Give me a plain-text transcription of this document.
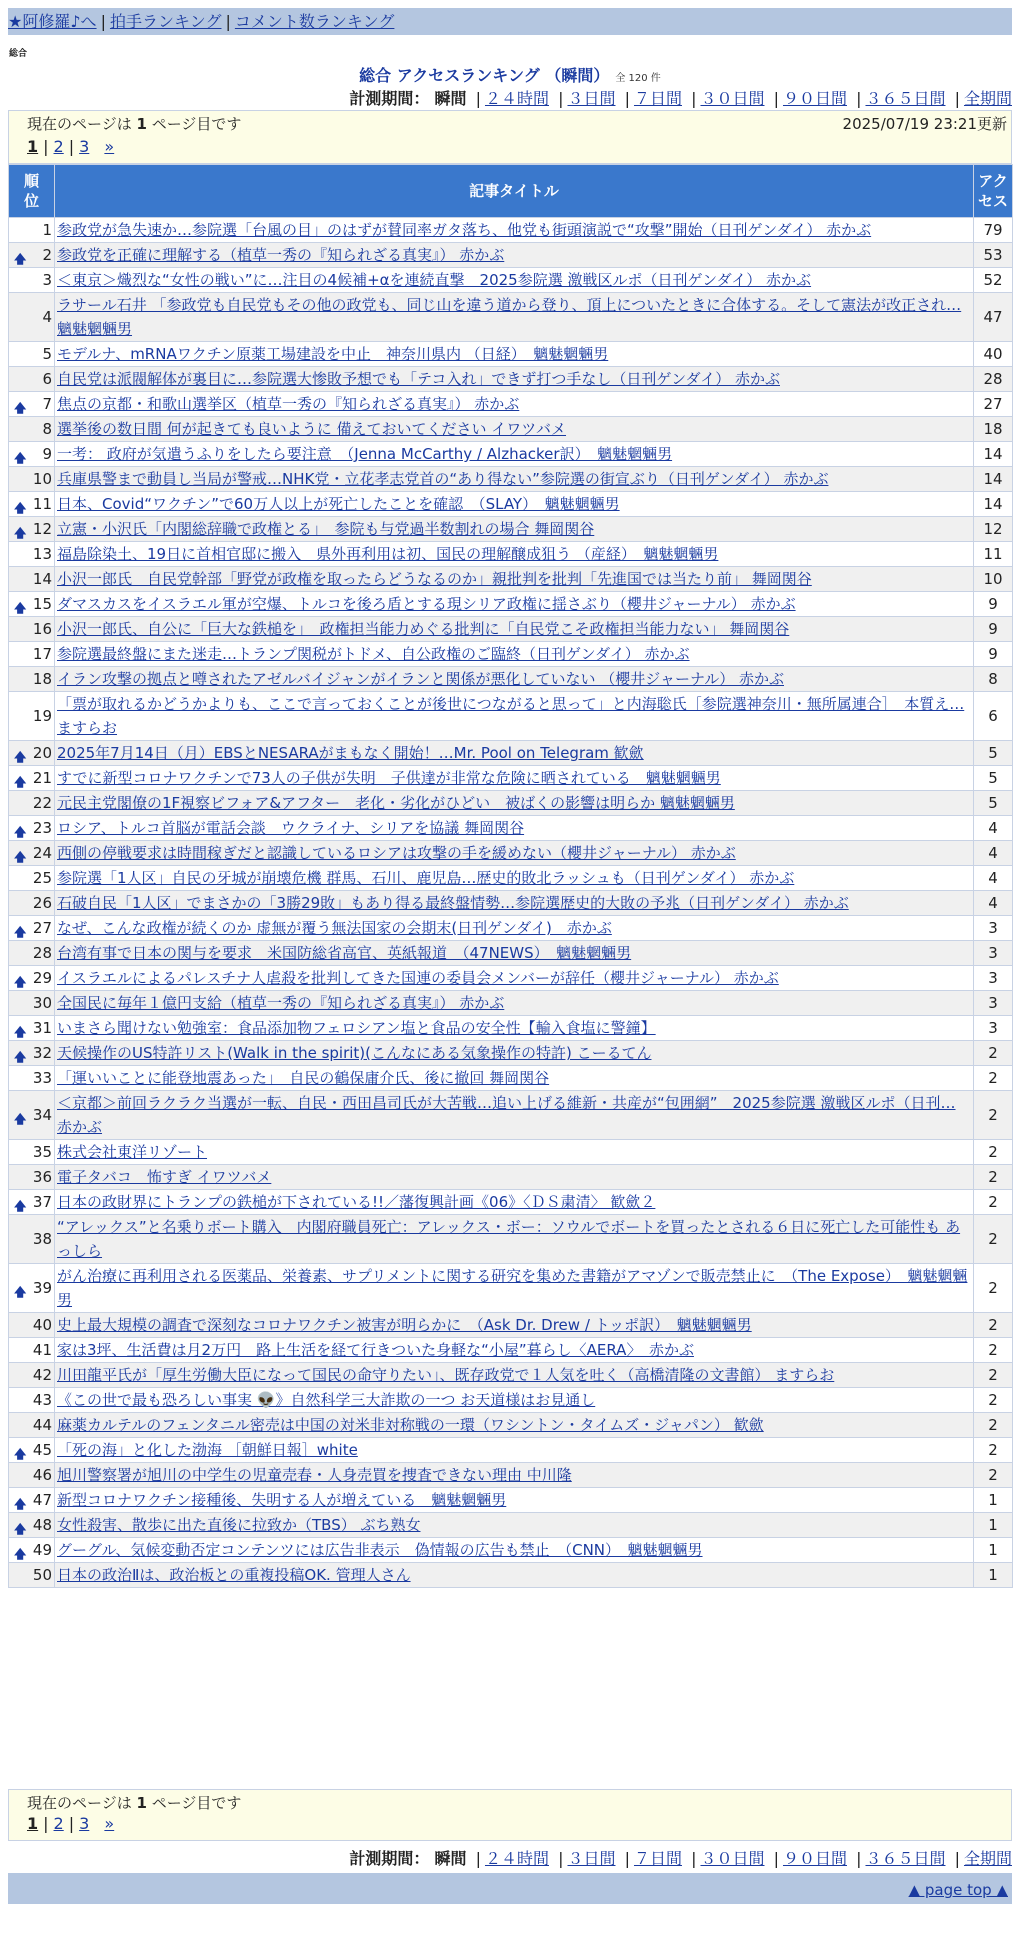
★阿修羅♪へ | 拍手ランキング | コメント数ランキング
総合
総合 アクセスランキング （瞬間） 全 120 件
計測期間： 瞬間 | ２４時間 | ３日間 | ７日間 | ３０日間 | ９０日間 | ３６５日間 | 全期間
現在のページは 1 ページ目です	2025/07/19 23:21更新
1 | 2 | 3 »
順位	記事タイトル	アクセス
1	参政党が急失速か…参院選「台風の目」のはずが賛同率ガタ落ち、他党も街頭演説で“攻撃”開始（日刊ゲンダイ） 赤かぶ	79

🡅 2	参政党を正確に理解する（植草一秀の『知られざる真実』） 赤かぶ	53
3	＜東京＞熾烈な“女性の戦い”に…注目の4候補+αを連続直撃　2025参院選 激戦区ルポ（日刊ゲンダイ） 赤かぶ	52
4	ラサール石井 「参政党も自民党もその他の政党も、同じ山を違う道から登り、頂上についたときに合体する。そして憲法が改正され… 魑魅魍魎男	47
5	モデルナ、mRNAワクチン原薬工場建設を中止　神奈川県内 （日経）　魑魅魍魎男	40
6	自民党は派閥解体が裏目に…参院選大惨敗予想でも「テコ入れ」できず打つ手なし（日刊ゲンダイ） 赤かぶ	28

🡅 7	焦点の京都・和歌山選挙区（植草一秀の『知られざる真実』） 赤かぶ	27
8	選挙後の数日間 何が起きても良いように 備えておいてください イワツバメ	18

🡅 9	一考： 政府が気遣うふりをしたら要注意　（Jenna McCarthy / Alzhacker訳）　魑魅魍魎男	14
10	兵庫県警まで動員し当局が警戒…NHK党・立花孝志党首の“あり得ない”参院選の街宣ぶり（日刊ゲンダイ） 赤かぶ	14

🡅 11	日本、Covid“ワクチン”で60万人以上が死亡したことを確認　（SLAY）　魑魅魍魎男	14

🡅 12	立憲・小沢氏「内閣総辞職で政権とる」　参院も与党過半数割れの場合 舞岡関谷	12
13	福島除染土、19日に首相官邸に搬入　県外再利用は初、国民の理解醸成狙う （産経）　魑魅魍魎男	11
14	小沢一郎氏　自民党幹部「野党が政権を取ったらどうなるのか」親批判を批判「先進国では当たり前」 舞岡関谷	10

🡅 15	ダマスカスをイスラエル軍が空爆、トルコを後ろ盾とする現シリア政権に揺さぶり（櫻井ジャーナル） 赤かぶ	9
16	小沢一郎氏、自公に「巨大な鉄槌を」　政権担当能力めぐる批判に「自民党こそ政権担当能力ない」 舞岡関谷	9
17	参院選最終盤にまた迷走…トランプ関税がトドメ、自公政権のご臨終（日刊ゲンダイ） 赤かぶ	9
18	イラン攻撃の拠点と噂されたアゼルバイジャンがイランと関係が悪化していない （櫻井ジャーナル） 赤かぶ	8
19	「票が取れるかどうかよりも、ここで言っておくことが後世につながると思って」と内海聡氏［参院選神奈川・無所属連合］　本質え… ますらお	6

🡅 20	2025年7月14日（月）EBSとNESARAがまもなく開始！…Mr. Pool on Telegram 歓歛	5

🡅 21	すでに新型コロナワクチンで73人の子供が失明　子供達が非常な危険に晒されている　魑魅魍魎男	5
22	元民主党閣僚の1F視察ビフォア&アフター　老化・劣化がひどい　被ばくの影響は明らか 魑魅魍魎男	5

🡅 23	ロシア、トルコ首脳が電話会談　ウクライナ、シリアを協議 舞岡関谷	4

🡅 24	西側の停戦要求は時間稼ぎだと認識しているロシアは攻撃の手を緩めない（櫻井ジャーナル） 赤かぶ	4
25	参院選「1人区」自民の牙城が崩壊危機 群馬、石川、鹿児島…歴史的敗北ラッシュも（日刊ゲンダイ） 赤かぶ	4
26	石破自民「1人区」でまさかの「3勝29敗」もあり得る最終盤情勢…参院選歴史的大敗の予兆（日刊ゲンダイ） 赤かぶ	4

🡅 27	なぜ、こんな政権が続くのか 虚無が覆う無法国家の会期末(日刊ゲンダイ)　赤かぶ	3
28	台湾有事で日本の関与を要求　米国防総省高官、英紙報道　（47NEWS）　魑魅魍魎男	3

🡅 29	イスラエルによるパレスチナ人虐殺を批判してきた国連の委員会メンバーが辞任（櫻井ジャーナル） 赤かぶ	3
30	全国民に毎年１億円支給（植草一秀の『知られざる真実』） 赤かぶ	3

🡅 31	いまさら聞けない勉強室：食品添加物フェロシアン塩と食品の安全性【輸入食塩に警鐘】	3

🡅 32	天候操作のUS特許リスト(Walk in the spirit)(こんなにある気象操作の特許) こーるてん	2
33	「運いいことに能登地震あった」　自民の鶴保庸介氏、後に撤回 舞岡関谷	2

🡅 34	＜京都＞前回ラクラク当選が一転、自民・西田昌司氏が大苦戦…追い上げる維新・共産が“包囲網”　2025参院選 激戦区ルポ（日刊… 赤かぶ	2
35	株式会社東洋リゾート	2
36	電子タバコ　怖すぎ イワツバメ	2

🡅 37	日本の政財界にトランプの鉄槌が下されている!!／藩復興計画《06》〈ＤＳ粛清〉 歓歛２	2
38	“アレックス”と名乗りボート購入　内閣府職員死亡：アレックス・ボー：ソウルでボートを買ったとされる６日に死亡した可能性も あっしら	2

🡅 39	がん治療に再利用される医薬品、栄養素、サプリメントに関する研究を集めた書籍がアマゾンで販売禁止に　（The Expose）　魑魅魍魎男	2
40	史上最大規模の調査で深刻なコロナワクチン被害が明らかに　（Ask Dr. Drew / トッポ訳）　魑魅魍魎男	2
41	家は3坪、生活費は月2万円　路上生活を経て行きついた身軽な“小屋”暮らし〈AERA〉　赤かぶ	2
42	川田龍平氏が「厚生労働大臣になって国民の命守りたい」、既存政党で１人気を吐く（高橋清隆の文書館） ますらお	2
43	《この世で最も恐ろしい事実 👽》自然科学三大詐欺の一つ お天道様はお見通し	2
44	麻薬カルテルのフェンタニル密売は中国の対米非対称戦の一環（ワシントン・タイムズ・ジャパン） 歓歛	2

🡅 45	「死の海」と化した渤海 ［朝鮮日報］white	2
46	旭川警察署が旭川の中学生の児童売春・人身売買を捜査できない理由 中川隆	2

🡅 47	新型コロナワクチン接種後、失明する人が増えている　魑魅魍魎男	1

🡅 48	女性殺害、散歩に出た直後に拉致か（TBS） ぶち熟女	1

🡅 49	グーグル、気候変動否定コンテンツには広告非表示　偽情報の広告も禁止　（CNN）　魑魅魍魎男	1
50	日本の政治Ⅱは、政治板との重複投稿OK. 管理人さん	1
現在のページは 1 ページ目です
1 | 2 | 3 »
計測期間： 瞬間 | ２４時間 | ３日間 | ７日間 | ３０日間 | ９０日間 | ３６５日間 | 全期間
▲ page top ▲
